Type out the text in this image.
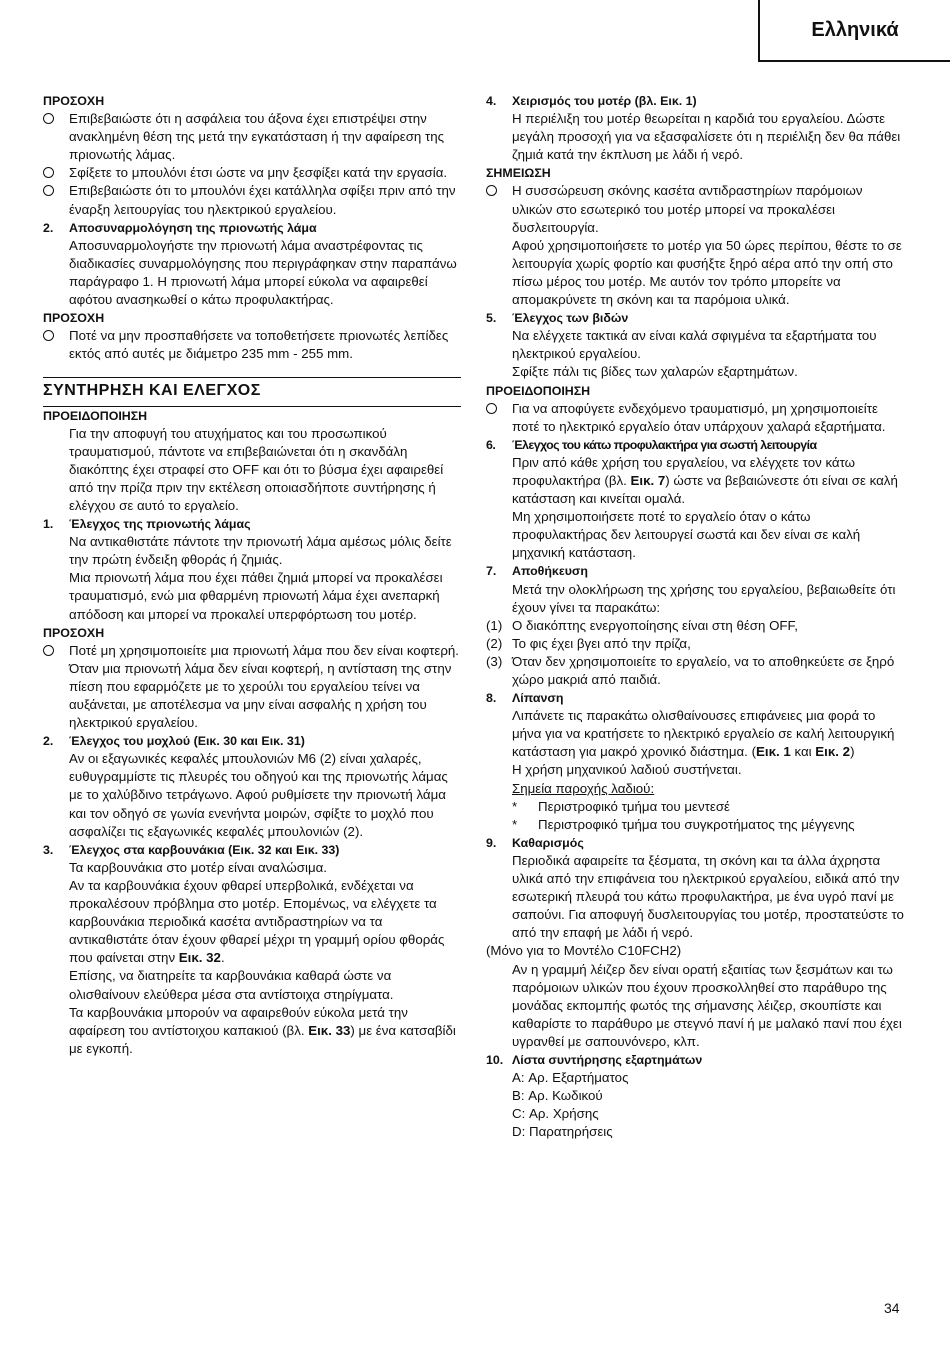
Ελληνικά
ΠΡΟΣΟΧΗ
Επιβεβαιώστε ότι η ασφάλεια του άξονα έχει επιστρέψει στην ανακλημένη θέση της μετά την εγκατάσταση ή την αφαίρεση της πριονωτής λάμας.
Σφίξετε το μπουλόνι έτσι ώστε να μην ξεσφίξει κατά την εργασία.
Επιβεβαιώστε ότι το μπουλόνι έχει κατάλληλα σφίξει πριν από την έναρξη λειτουργίας του ηλεκτρικού εργαλείου.
2.	Αποσυναρμολόγηση της πριονωτής λάμα
Αποσυναρμολογήστε την πριονωτή λάμα αναστρέφοντας τις διαδικασίες συναρμολόγησης που περιγράφηκαν στην παραπάνω παράγραφο 1. Η πριονωτή λάμα μπορεί εύκολα να αφαιρεθεί αφότου ανασηκωθεί ο κάτω προφυλακτήρας.
ΠΡΟΣΟΧΗ
Ποτέ να μην προσπαθήσετε να τοποθετήσετε πριονωτές λεπίδες εκτός από αυτές με διάμετρο 235 mm - 255 mm.
ΣΥΝΤΗΡΗΣΗ ΚΑΙ ΕΛΕΓΧΟΣ
ΠΡΟΕΙΔΟΠΟΙΗΣΗ
Για την αποφυγή του ατυχήματος και του προσωπικού τραυματισμού, πάντοτε να επιβεβαιώνεται ότι η σκανδάλη διακόπτης έχει στραφεί στο OFF και ότι το βύσμα έχει αφαιρεθεί από την πρίζα πριν την εκτέλεση οποιασδήποτε συντήρησης ή ελέγχου σε αυτό το εργαλείο.
1.	Έλεγχος της πριονωτής λάμας
Να αντικαθιστάτε πάντοτε την πριονωτή λάμα αμέσως μόλις δείτε την πρώτη ένδειξη φθοράς ή ζημιάς.
Μια πριονωτή λάμα που έχει πάθει ζημιά μπορεί να προκαλέσει τραυματισμό, ενώ μια φθαρμένη πριονωτή λάμα έχει ανεπαρκή απόδοση και μπορεί να προκαλεί υπερφόρτωση του μοτέρ.
ΠΡΟΣΟΧΗ
Ποτέ μη χρησιμοποιείτε μια πριονωτή λάμα που δεν είναι κοφτερή. Όταν μια πριονωτή λάμα δεν είναι κοφτερή, η αντίσταση της στην πίεση που εφαρμόζετε με το χερούλι του εργαλείου τείνει να αυξάνεται, με αποτέλεσμα να μην είναι ασφαλής η χρήση του ηλεκτρικού εργαλείου.
2.	Έλεγχος του μοχλού (Εικ. 30 και Εικ. 31)
Αν οι εξαγωνικές κεφαλές μπουλονιών M6 (2) είναι χαλαρές, ευθυγραμμίστε τις πλευρές του οδηγού και της πριονωτής λάμας με το χαλύβδινο τετράγωνο. Αφού ρυθμίσετε την πριονωτή λάμα και τον οδηγό σε γωνία ενενήντα μοιρών, σφίξτε το μοχλό που ασφαλίζει τις εξαγωνικές κεφαλές μπουλονιών (2).
3.	Έλεγχος στα καρβουνάκια (Εικ. 32 και Εικ. 33)
Τα καρβουνάκια στο μοτέρ είναι αναλώσιμα.
Αν τα καρβουνάκια έχουν φθαρεί υπερβολικά, ενδέχεται να προκαλέσουν πρόβλημα στο μοτέρ. Επομένως, να ελέγχετε τα καρβουνάκια περιοδικά κασέτα αντιδραστηρίων να τα αντικαθιστάτε όταν έχουν φθαρεί μέχρι τη γραμμή ορίου φθοράς που φαίνεται στην Εικ. 32.
Επίσης, να διατηρείτε τα καρβουνάκια καθαρά ώστε να ολισθαίνουν ελεύθερα μέσα στα αντίστοιχα στηρίγματα.
Τα καρβουνάκια μπορούν να αφαιρεθούν εύκολα μετά την αφαίρεση του αντίστοιχου καπακιού (βλ. Εικ. 33) με ένα κατσαβίδι με εγκοπή.
4.	Χειρισμός του μοτέρ (βλ. Εικ. 1)
Η περιέλιξη του μοτέρ θεωρείται η καρδιά του εργαλείου. Δώστε μεγάλη προσοχή για να εξασφαλίσετε ότι η περιέλιξη δεν θα πάθει ζημιά κατά την έκπλυση με λάδι ή νερό.
ΣΗΜΕΙΩΣΗ
Η συσσώρευση σκόνης κασέτα αντιδραστηρίων παρόμοιων υλικών στο εσωτερικό του μοτέρ μπορεί να προκαλέσει δυσλειτουργία.
Αφού χρησιμοποιήσετε το μοτέρ για 50 ώρες περίπου, θέστε το σε λειτουργία χωρίς φορτίο και φυσήξτε ξηρό αέρα από την οπή στο πίσω μέρος του μοτέρ. Με αυτόν τον τρόπο μπορείτε να απομακρύνετε τη σκόνη και τα παρόμοια υλικά.
5.	Έλεγχος των βιδών
Να ελέγχετε τακτικά αν είναι καλά σφιγμένα τα εξαρτήματα του ηλεκτρικού εργαλείου.
Σφίξτε πάλι τις βίδες των χαλαρών εξαρτημάτων.
ΠΡΟΕΙΔΟΠΟΙΗΣΗ
Για να αποφύγετε ενδεχόμενο τραυματισμό, μη χρησιμοποιείτε ποτέ το ηλεκτρικό εργαλείο όταν υπάρχουν χαλαρά εξαρτήματα.
6.	Έλεγχος του κάτω προφυλακτήρα για σωστή λειτουργία
Πριν από κάθε χρήση του εργαλείου, να ελέγχετε τον κάτω προφυλακτήρα (βλ. Εικ. 7) ώστε να βεβαιώνεστε ότι είναι σε καλή κατάσταση και κινείται ομαλά.
Μη χρησιμοποιήσετε ποτέ το εργαλείο όταν ο κάτω προφυλακτήρας δεν λειτουργεί σωστά και δεν είναι σε καλή μηχανική κατάσταση.
7.	Αποθήκευση
Μετά την ολοκλήρωση της χρήσης του εργαλείου, βεβαιωθείτε ότι έχουν γίνει τα παρακάτω:
(1) Ο διακόπτης ενεργοποίησης είναι στη θέση OFF,
(2) Το φις έχει βγει από την πρίζα,
(3) Όταν δεν χρησιμοποιείτε το εργαλείο, να το αποθηκεύετε σε ξηρό χώρο μακριά από παιδιά.
8.	Λίπανση
Λιπάνετε τις παρακάτω ολισθαίνουσες επιφάνειες μια φορά το μήνα για να κρατήσετε το ηλεκτρικό εργαλείο σε καλή λειτουργική κατάσταση για μακρό χρονικό διάστημα. (Εικ. 1 και Εικ. 2)
Η χρήση μηχανικού λαδιού συστήνεται.
Σημεία παροχής λαδιού:
*	Περιστροφικό τμήμα του μεντεσέ
*	Περιστροφικό τμήμα του συγκροτήματος της μέγγενης
9.	Καθαρισμός
Περιοδικά αφαιρείτε τα ξέσματα, τη σκόνη και τα άλλα άχρηστα υλικά από την επιφάνεια του ηλεκτρικού εργαλείου, ειδικά από την εσωτερική πλευρά του κάτω προφυλακτήρα, με ένα υγρό πανί με σαπούνι. Για αποφυγή δυσλειτουργίας του μοτέρ, προστατεύστε το από την επαφή με λάδι ή νερό.
(Μόνο για το Μοντέλο C10FCH2)
Αν η γραμμή λέιζερ δεν είναι ορατή εξαιτίας των ξεσμάτων και τω παρόμοιων υλικών που έχουν προσκολληθεί στο παράθυρο της μονάδας εκπομπής φωτός της σήμανσης λέιζερ, σκουπίστε και καθαρίστε το παράθυρο με στεγνό πανί ή με μαλακό πανί που έχει υγρανθεί με σαπουνόνερο, κλπ.
10. Λίστα συντήρησης εξαρτημάτων
A: Αρ. Εξαρτήματος
B: Αρ. Κωδικού
C: Αρ. Χρήσης
D: Παρατηρήσεις
34
